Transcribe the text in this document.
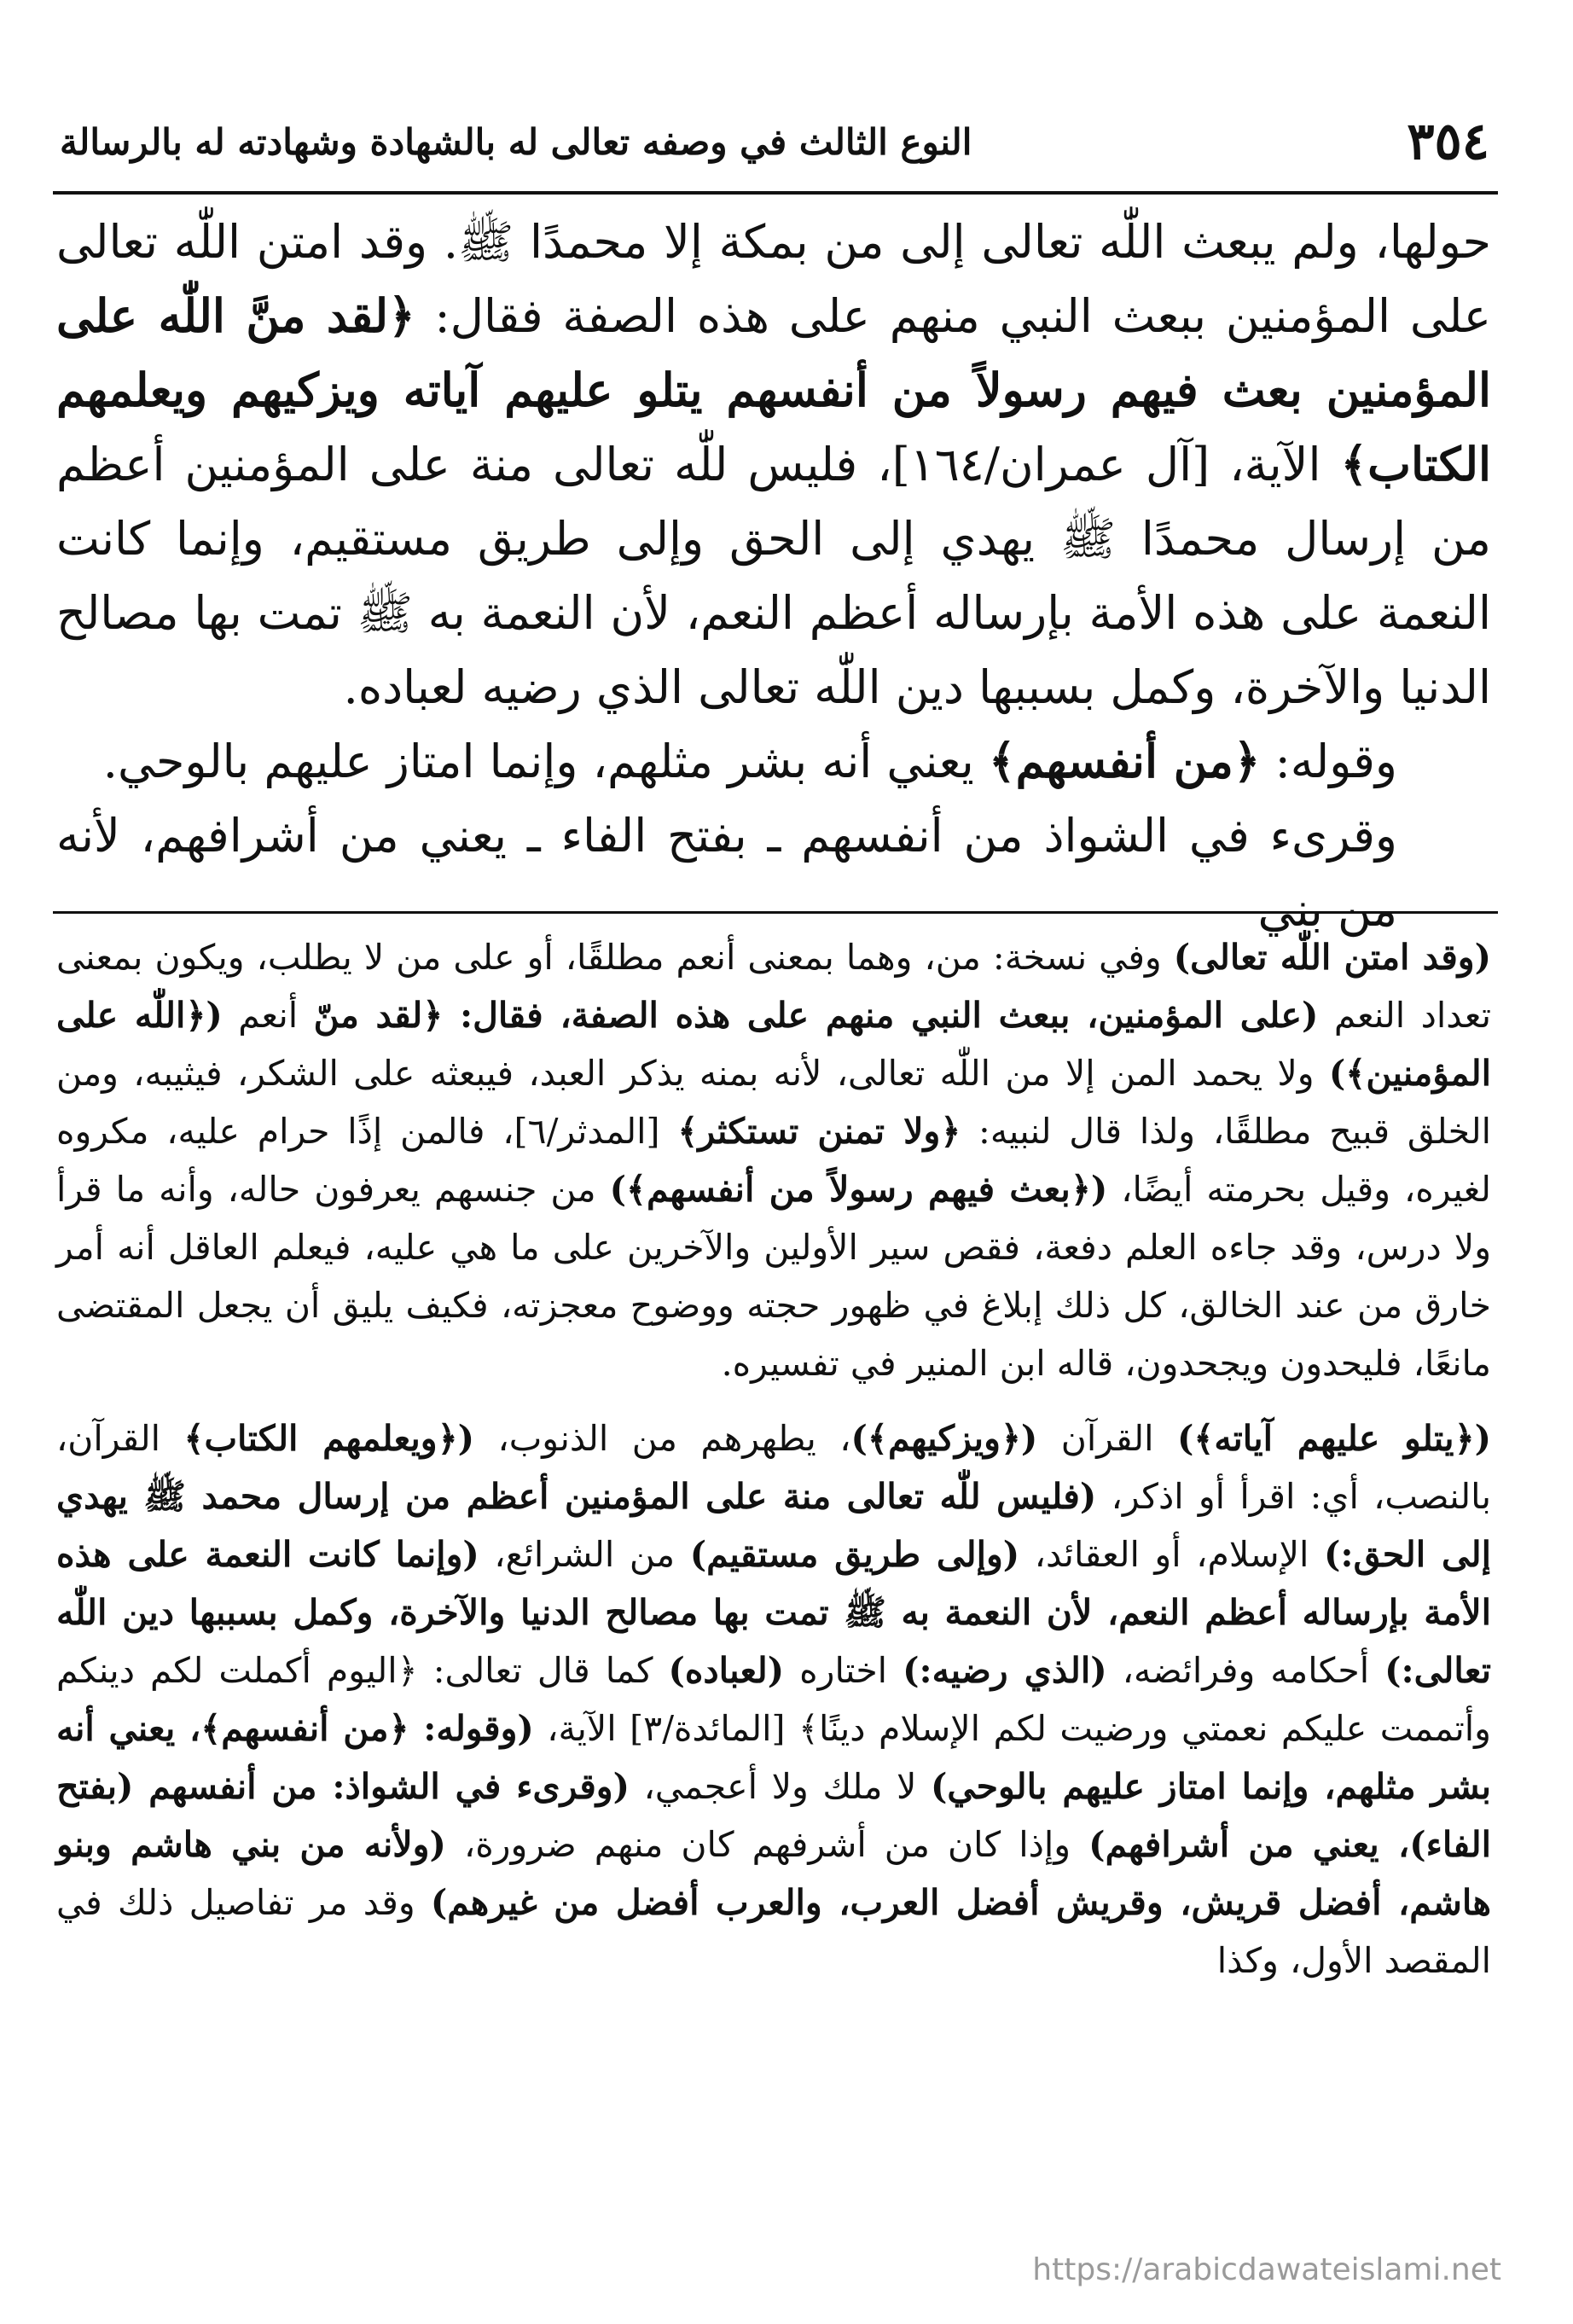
٣٥٤
النوع الثالث في وصفه تعالى له بالشهادة وشهادته له بالرسالة

حولها، ولم يبعث اللّٰه تعالى إلى من بمكة إلا محمدًا ﷺ. وقد امتن اللّٰه تعالى على المؤمنين ببعث النبي منهم على هذه الصفة فقال: ﴿لقد منَّ اللّٰه على المؤمنين بعث فيهم رسولاً من أنفسهم يتلو عليهم آياته ويزكيهم ويعلمهم الكتاب﴾ الآية، [آل عمران/١٦٤]، فليس للّٰه تعالى منة على المؤمنين أعظم من إرسال محمدًا ﷺ يهدي إلى الحق وإلى طريق مستقيم، وإنما كانت النعمة على هذه الأمة بإرساله أعظم النعم، لأن النعمة به ﷺ تمت بها مصالح الدنيا والآخرة، وكمل بسببها دين اللّٰه تعالى الذي رضيه لعباده.

وقوله: ﴿من أنفسهم﴾ يعني أنه بشر مثلهم، وإنما امتاز عليهم بالوحي.

وقرىء في الشواذ من أنفسهم ـ بفتح الفاء ـ يعني من أشرافهم، لأنه من بني

(وقد امتن اللّٰه تعالى) وفي نسخة: من، وهما بمعنى أنعم مطلقًا، أو على من لا يطلب، ويكون بمعنى تعداد النعم (على المؤمنين، ببعث النبي منهم على هذه الصفة، فقال: ﴿لقد منّ أنعم (﴿اللّٰه على المؤمنين﴾) ولا يحمد المن إلا من اللّٰه تعالى، لأنه بمنه يذكر العبد، فيبعثه على الشكر، فيثيبه، ومن الخلق قبيح مطلقًا، ولذا قال لنبيه: ﴿ولا تمنن تستكثر﴾ [المدثر/٦]، فالمن إذًا حرام عليه، مكروه لغيره، وقيل بحرمته أيضًا، (﴿بعث فيهم رسولاً من أنفسهم﴾) من جنسهم يعرفون حاله، وأنه ما قرأ ولا درس، وقد جاءه العلم دفعة، فقص سير الأولين والآخرين على ما هي عليه، فيعلم العاقل أنه أمر خارق من عند الخالق، كل ذلك إبلاغ في ظهور حجته ووضوح معجزته، فكيف يليق أن يجعل المقتضى مانعًا، فليحدون ويجحدون، قاله ابن المنير في تفسيره.

(﴿يتلو عليهم آياته﴾) القرآن (﴿ويزكيهم﴾)، يطهرهم من الذنوب، (﴿ويعلمهم الكتاب﴾ القرآن، بالنصب، أي: اقرأ أو اذكر، (فليس للّٰه تعالى منة على المؤمنين أعظم من إرسال محمد ﷺ يهدي إلى الحق:) الإسلام، أو العقائد، (وإلى طريق مستقيم) من الشرائع، (وإنما كانت النعمة على هذه الأمة بإرساله أعظم النعم، لأن النعمة به ﷺ تمت بها مصالح الدنيا والآخرة، وكمل بسببها دين اللّٰه تعالى:) أحكامه وفرائضه، (الذي رضيه:) اختاره (لعباده) كما قال تعالى: ﴿اليوم أكملت لكم دينكم وأتممت عليكم نعمتي ورضيت لكم الإسلام دينًا﴾ [المائدة/٣] الآية، (وقوله: ﴿من أنفسهم﴾، يعني أنه بشر مثلهم، وإنما امتاز عليهم بالوحي) لا ملك ولا أعجمي، (وقرىء في الشواذ: من أنفسهم (بفتح الفاء)، يعني من أشرافهم) وإذا كان من أشرفهم كان منهم ضرورة، (ولأنه من بني هاشم وبنو هاشم، أفضل قريش، وقريش أفضل العرب، والعرب أفضل من غيرهم) وقد مر تفاصيل ذلك في المقصد الأول، وكذا

https://arabicdawateislami.net
